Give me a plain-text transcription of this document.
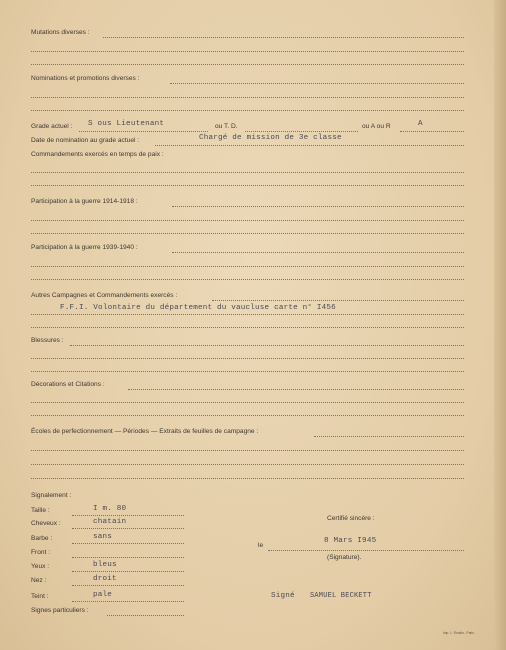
Mutations diverses :
Nominations et promotions diverses :
Grade actuel : S ous Lieutenant	ou T. D.	ou A ou R	A
Date de nomination au grade actuel :	Chargé de mission de 3e classe
Commandements exercés en temps de paix :
Participation à la guerre 1914-1918 :
Participation à la guerre 1939-1940 :
Autres Campagnes et Commandements exercés :
F.F.I. Volontaire du département du vaucluse carte n° I456
Blessures :
Décorations et Citations :
Écoles de perfectionnement — Périodes — Extraits de feuilles de campagne :
Signalement :
Taille :	I m. 80
Cheveux :	chatain
Barbe :	sans
Front :
Yeux :	bleus
Nez :	droit
Teint :	pale
Signes particuliers :
Certifié sincère :
le
8 Mars I945
(Signature).
Signé SAMUEL BECKETT
Imp. L. Rondin - Paris
